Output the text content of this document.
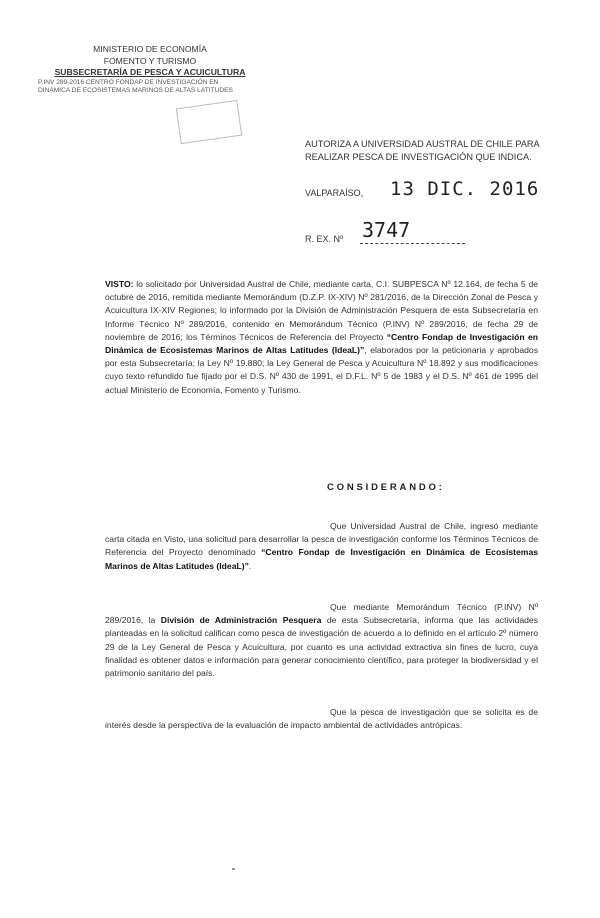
MINISTERIO DE ECONOMÍA
FOMENTO Y TURISMO
SUBSECRETARÍA DE PESCA Y ACUICULTURA
P.INV 289-2016 CENTRO FONDAP DE INVESTIGACIÓN EN
DINÁMICA DE ECOSISTEMAS MARINOS DE ALTAS LATITUDES
AUTORIZA A UNIVERSIDAD AUSTRAL DE CHILE PARA REALIZAR PESCA DE INVESTIGACIÓN QUE INDICA.
VALPARAÍSO, 13 DIC. 2016
R. EX. Nº 3747
VISTO: lo solicitado por Universidad Austral de Chile, mediante carta, C.I. SUBPESCA Nº 12.164, de fecha 5 de octubre de 2016, remitida mediante Memorándum (D.Z.P. IX-XIV) Nº 281/2016, de la Dirección Zonal de Pesca y Acuicultura IX-XIV Regiones; lo informado por la División de Administración Pesquera de esta Subsecretaría en Informe Técnico Nº 289/2016, contenido en Memorándum Técnico (P.INV) Nº 289/2016, de fecha 29 de noviembre de 2016; los Términos Técnicos de Referencia del Proyecto “Centro Fondap de Investigación en Dinámica de Ecosistemas Marinos de Altas Latitudes (IdeaL)”, elaborados por la peticionaria y aprobados por esta Subsecretaría; la Ley Nº 19.880; la Ley General de Pesca y Acuicultura Nº 18.892 y sus modificaciones cuyo texto refundido fue fijado por el D.S. Nº 430 de 1991, el D.F.L. Nº 5 de 1983 y el D.S. Nº 461 de 1995 del actual Ministerio de Economía, Fomento y Turismo.
CONSIDERANDO:
Que Universidad Austral de Chile, ingresó mediante carta citada en Visto, una solicitud para desarrollar la pesca de investigación conforme los Términos Técnicos de Referencia del Proyecto denominado “Centro Fondap de Investigación en Dinámica de Ecosistemas Marinos de Altas Latitudes (IdeaL)”.
Que mediante Memorándum Técnico (P.INV) Nº 289/2016, la División de Administración Pesquera de esta Subsecretaría, informa que las actividades planteadas en la solicitud califican como pesca de investigación de acuerdo a lo definido en el artículo 2º número 29 de la Ley General de Pesca y Acuicultura, por cuanto es una actividad extractiva sin fines de lucro, cuya finalidad es obtener datos e información para generar conocimiento científico, para proteger la biodiversidad y el patrimonio sanitario del país.
Que la pesca de investigación que se solicita es de interés desde la perspectiva de la evaluación de impacto ambiental de actividades antrópicas.
